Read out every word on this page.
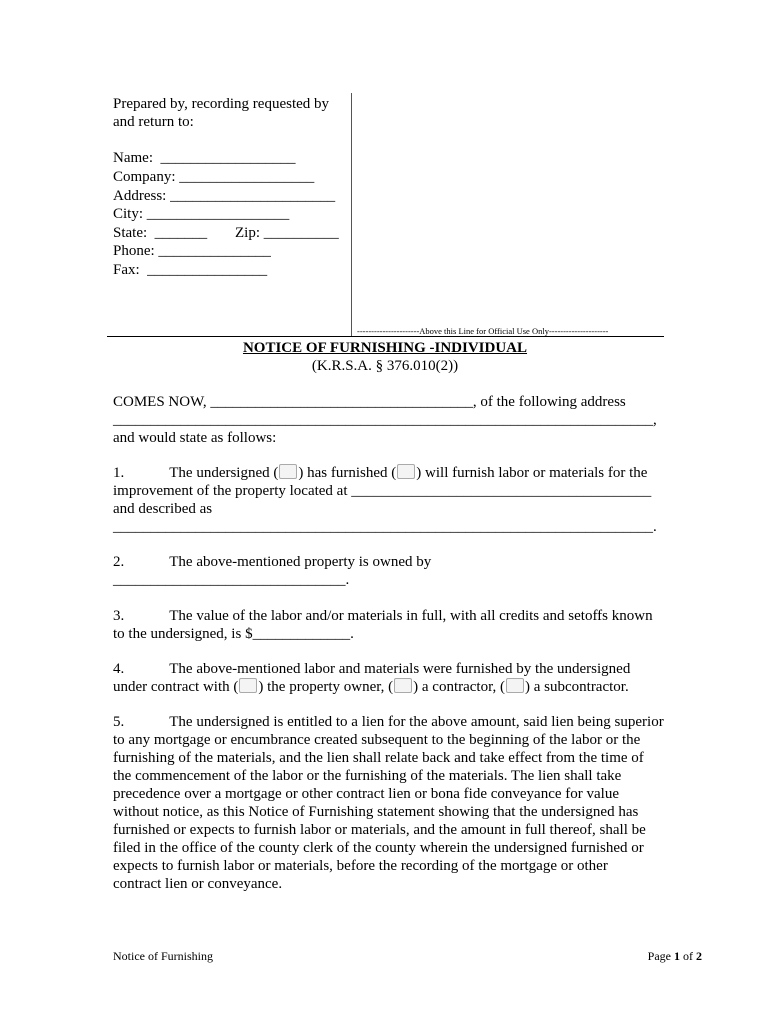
Prepared by, recording requested by
and return to:
Name:  __________________
Company: __________________
Address: ______________________
City: ___________________
State:  _______ Zip: __________
Phone: _______________
Fax:  ________________
----------------------Above this Line for Official Use Only---------------------
NOTICE OF FURNISHING -INDIVIDUAL
(K.R.S.A. § 376.010(2))
COMES NOW, ___________________________________, of the following address
________________________________________________________________________,
and would state as follows:
1.	The undersigned ( ) has furnished ( ) will furnish labor or materials for the
improvement of the property located at ________________________________________
and described as
________________________________________________________________________.
2.	The above-mentioned property is owned by
_______________________________.
3.	The value of the labor and/or materials in full, with all credits and setoffs known
to the undersigned, is $_____________.
4.	The above-mentioned labor and materials were furnished by the undersigned
under contract with ( ) the property owner, ( ) a contractor, ( ) a subcontractor.
5.	The undersigned is entitled to a lien for the above amount, said lien being superior
to any mortgage or encumbrance created subsequent to the beginning of the labor or the
furnishing of the materials, and the lien shall relate back and take effect from the time of
the commencement of the labor or the furnishing of the materials. The lien shall take
precedence over a mortgage or other contract lien or bona fide conveyance for value
without notice, as this Notice of Furnishing statement showing that the undersigned has
furnished or expects to furnish labor or materials, and the amount in full thereof, shall be
filed in the office of the county clerk of the county wherein the undersigned furnished or
expects to furnish labor or materials, before the recording of the mortgage or other
contract lien or conveyance.
Notice of Furnishing	Page 1 of 2
